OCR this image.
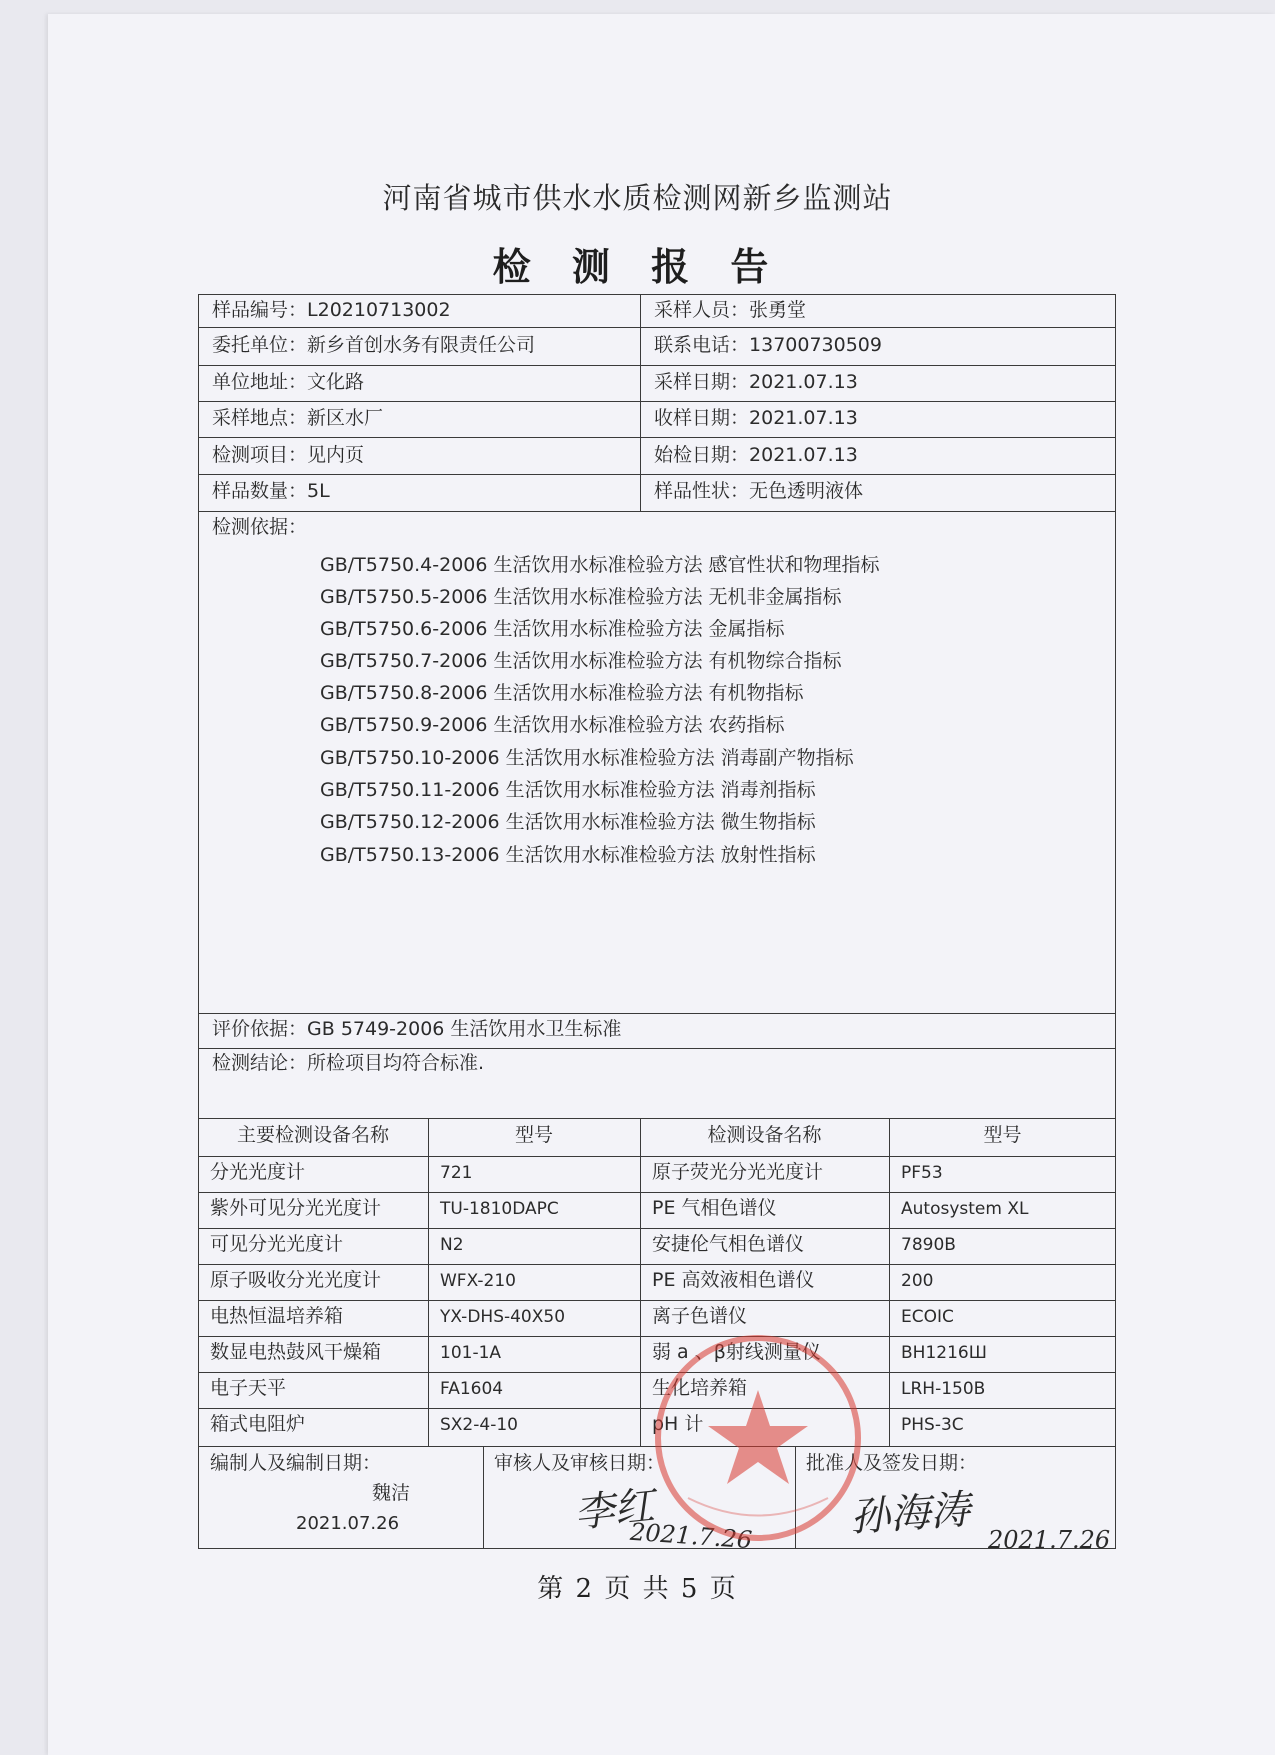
河南省城市供水水质检测网新乡监测站
检 测 报 告
样品编号：L20210713002	采样人员：张勇堂
委托单位：新乡首创水务有限责任公司	联系电话：13700730509
单位地址：文化路	采样日期：2021.07.13
采样地点：新区水厂	收样日期：2021.07.13
检测项目：见内页	始检日期：2021.07.13
样品数量：5L	样品性状：无色透明液体
检测依据：
GB/T5750.4-2006 生活饮用水标准检验方法 感官性状和物理指标
GB/T5750.5-2006 生活饮用水标准检验方法 无机非金属指标
GB/T5750.6-2006 生活饮用水标准检验方法 金属指标
GB/T5750.7-2006 生活饮用水标准检验方法 有机物综合指标
GB/T5750.8-2006 生活饮用水标准检验方法 有机物指标
GB/T5750.9-2006 生活饮用水标准检验方法 农药指标
GB/T5750.10-2006 生活饮用水标准检验方法 消毒副产物指标
GB/T5750.11-2006 生活饮用水标准检验方法 消毒剂指标
GB/T5750.12-2006 生活饮用水标准检验方法 微生物指标
GB/T5750.13-2006 生活饮用水标准检验方法 放射性指标
评价依据：GB 5749-2006 生活饮用水卫生标准
检测结论：所检项目均符合标准.
主要检测设备名称	型号	检测设备名称	型号
分光光度计	721	原子荧光分光光度计	PF53
紫外可见分光光度计	TU-1810DAPC	PE 气相色谱仪	Autosystem XL
可见分光光度计	N2	安捷伦气相色谱仪	7890B
原子吸收分光光度计	WFX-210	PE 高效液相色谱仪	200
电热恒温培养箱	YX-DHS-40X50	离子色谱仪	ECOIC
数显电热鼓风干燥箱	101-1A	弱 a 、β射线测量仪	BH1216Ш
电子天平	FA1604	生化培养箱	LRH-150B
箱式电阻炉	SX2-4-10	pH 计	PHS-3C
编制人及编制日期：
魏洁
2021.07.26
审核人及审核日期：
李红
2021.7.26
批准人及签发日期：
孙海涛 2021.7.26
第 2 页 共 5 页
